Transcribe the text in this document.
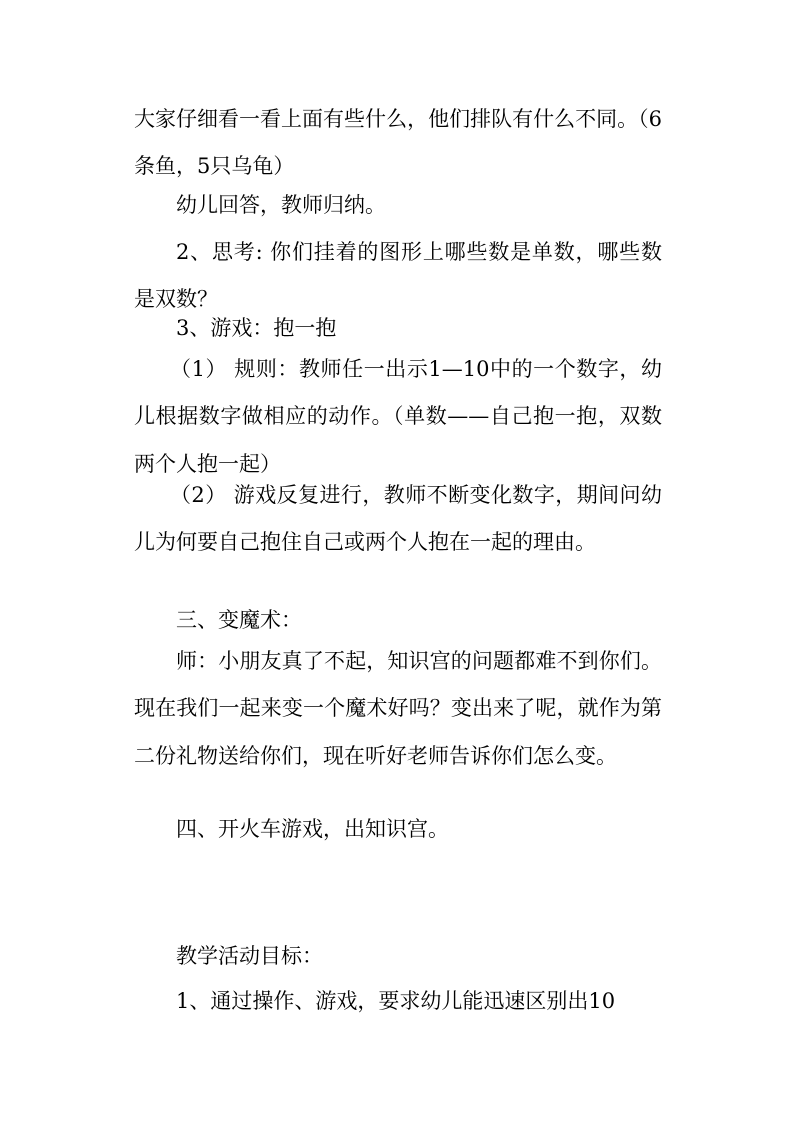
大家仔细看一看上面有些什么，他们排队有什么不同。（6条鱼，5只乌龟）

幼儿回答，教师归纳。

2、思考: 你们挂着的图形上哪些数是单数，哪些数是双数？

3、游戏：抱一抱

（1） 规则：教师任一出示1—10中的一个数字，幼儿根据数字做相应的动作。（单数——自己抱一抱，双数两个人抱一起）

（2） 游戏反复进行，教师不断变化数字，期间问幼儿为何要自己抱住自己或两个人抱在一起的理由。

三、变魔术：

师：小朋友真了不起，知识宫的问题都难不到你们。现在我们一起来变一个魔术好吗？变出来了呢，就作为第二份礼物送给你们，现在听好老师告诉你们怎么变。

四、开火车游戏，出知识宫。

教学活动目标：

1、通过操作、游戏，要求幼儿能迅速区别出10
